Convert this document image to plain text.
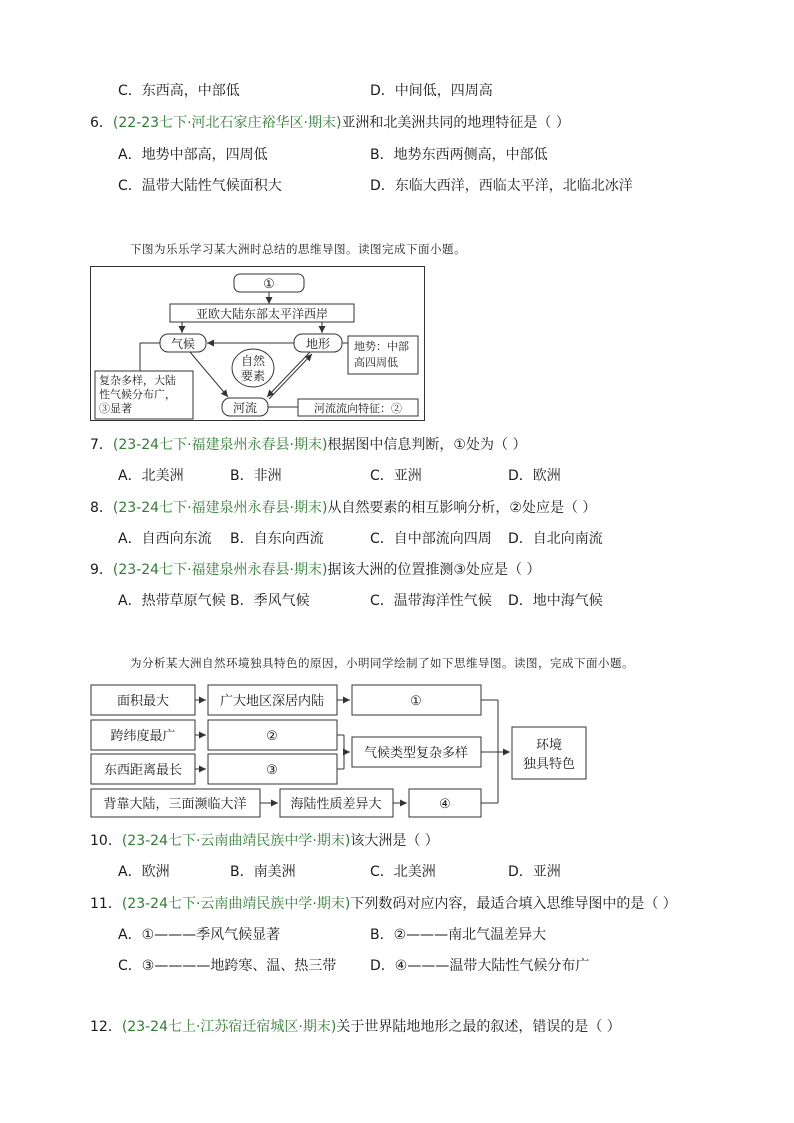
C．东西高，中部低	D．中间低，四周高
6．(22-23七下·河北石家庄裕华区·期末)亚洲和北美洲共同的地理特征是（ ）
A．地势中部高，四周低	B．地势东西两侧高，中部低
C．温带大陆性气候面积大	D．东临大西洋，西临太平洋，北临北冰洋
下图为乐乐学习某大洲时总结的思维导图。读图完成下面小题。
①
亚欧大陆东部太平洋西岸
气候	地形 地势：中部
高四周低
自然
要素
复杂多样，大陆
性气候分布广，
③显著	河流	河流流向特征：②
7．(23-24七下·福建泉州永春县·期末)根据图中信息判断，①处为（ ）
A．北美洲	B．非洲	C．亚洲	D．欧洲
8．(23-24七下·福建泉州永春县·期末)从自然要素的相互影响分析，②处应是（ ）
A．自西向东流 B．自东向西流	C．自中部流向四周 D．自北向南流
9．(23-24七下·福建泉州永春县·期末)据该大洲的位置推测③处应是（ ）
A．热带草原气候 B．季风气候	C．温带海洋性气候 D．地中海气候
为分析某大洲自然环境独具特色的原因，小明同学绘制了如下思维导图。读图，完成下面小题。
面积最大	广大地区深居内陆	①
跨纬度最广	②
东西距离最长	③
气候类型复杂多样
背靠大陆，三面濒临大洋	海陆性质差异大	④
环境
独具特色
10．(23-24七下·云南曲靖民族中学·期末)该大洲是（ ）
A．欧洲	B．南美洲	C．北美洲	D．亚洲
11．(23-24七下·云南曲靖民族中学·期末)下列数码对应内容，最适合填入思维导图中的是（ ）
A．①———季风气候显著	B．②———南北气温差异大
C．③————地跨寒、温、热三带 D．④———温带大陆性气候分布广
12．(23-24七上·江苏宿迁宿城区·期末)关于世界陆地地形之最的叙述，错误的是（ ）
